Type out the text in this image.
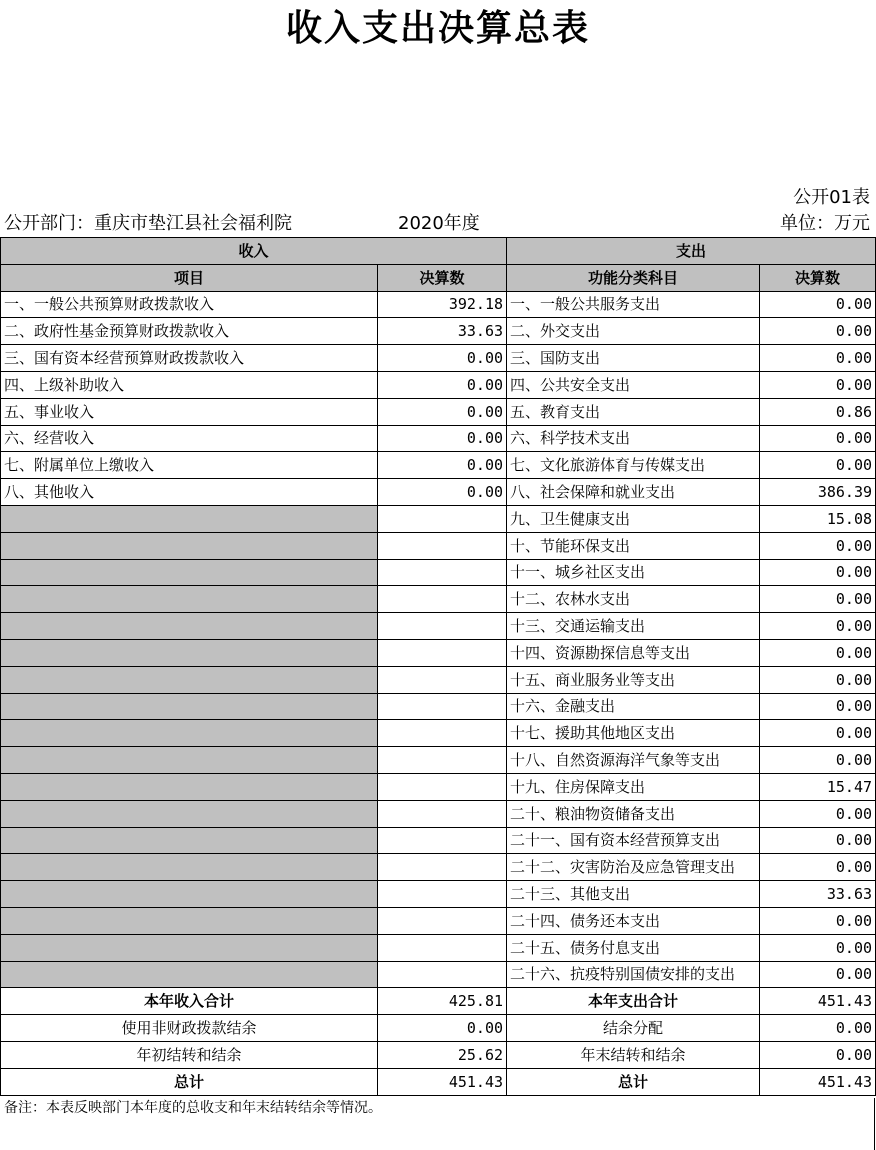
收入支出决算总表
公开01表
公开部门：重庆市垫江县社会福利院	2020年度	单位：万元
收入		支出	
项目	决算数	功能分类科目	决算数
一、一般公共预算财政拨款收入	392.18	一、一般公共服务支出	0.00
二、政府性基金预算财政拨款收入	33.63	二、外交支出	0.00
三、国有资本经营预算财政拨款收入	0.00	三、国防支出	0.00
四、上级补助收入	0.00	四、公共安全支出	0.00
五、事业收入	0.00	五、教育支出	0.86
六、经营收入	0.00	六、科学技术支出	0.00
七、附属单位上缴收入	0.00	七、文化旅游体育与传媒支出	0.00
八、其他收入	0.00	八、社会保障和就业支出	386.39
		九、卫生健康支出	15.08
		十、节能环保支出	0.00
		十一、城乡社区支出	0.00
		十二、农林水支出	0.00
		十三、交通运输支出	0.00
		十四、资源勘探信息等支出	0.00
		十五、商业服务业等支出	0.00
		十六、金融支出	0.00
		十七、援助其他地区支出	0.00
		十八、自然资源海洋气象等支出	0.00
		十九、住房保障支出	15.47
		二十、粮油物资储备支出	0.00
		二十一、国有资本经营预算支出	0.00
		二十二、灾害防治及应急管理支出	0.00
		二十三、其他支出	33.63
		二十四、债务还本支出	0.00
		二十五、债务付息支出	0.00
		二十六、抗疫特别国债安排的支出	0.00
本年收入合计	425.81	本年支出合计	451.43
使用非财政拨款结余	0.00	结余分配	0.00
年初结转和结余	25.62	年末结转和结余	0.00
总计	451.43	总计	451.43
备注：本表反映部门本年度的总收支和年末结转结余等情况。
